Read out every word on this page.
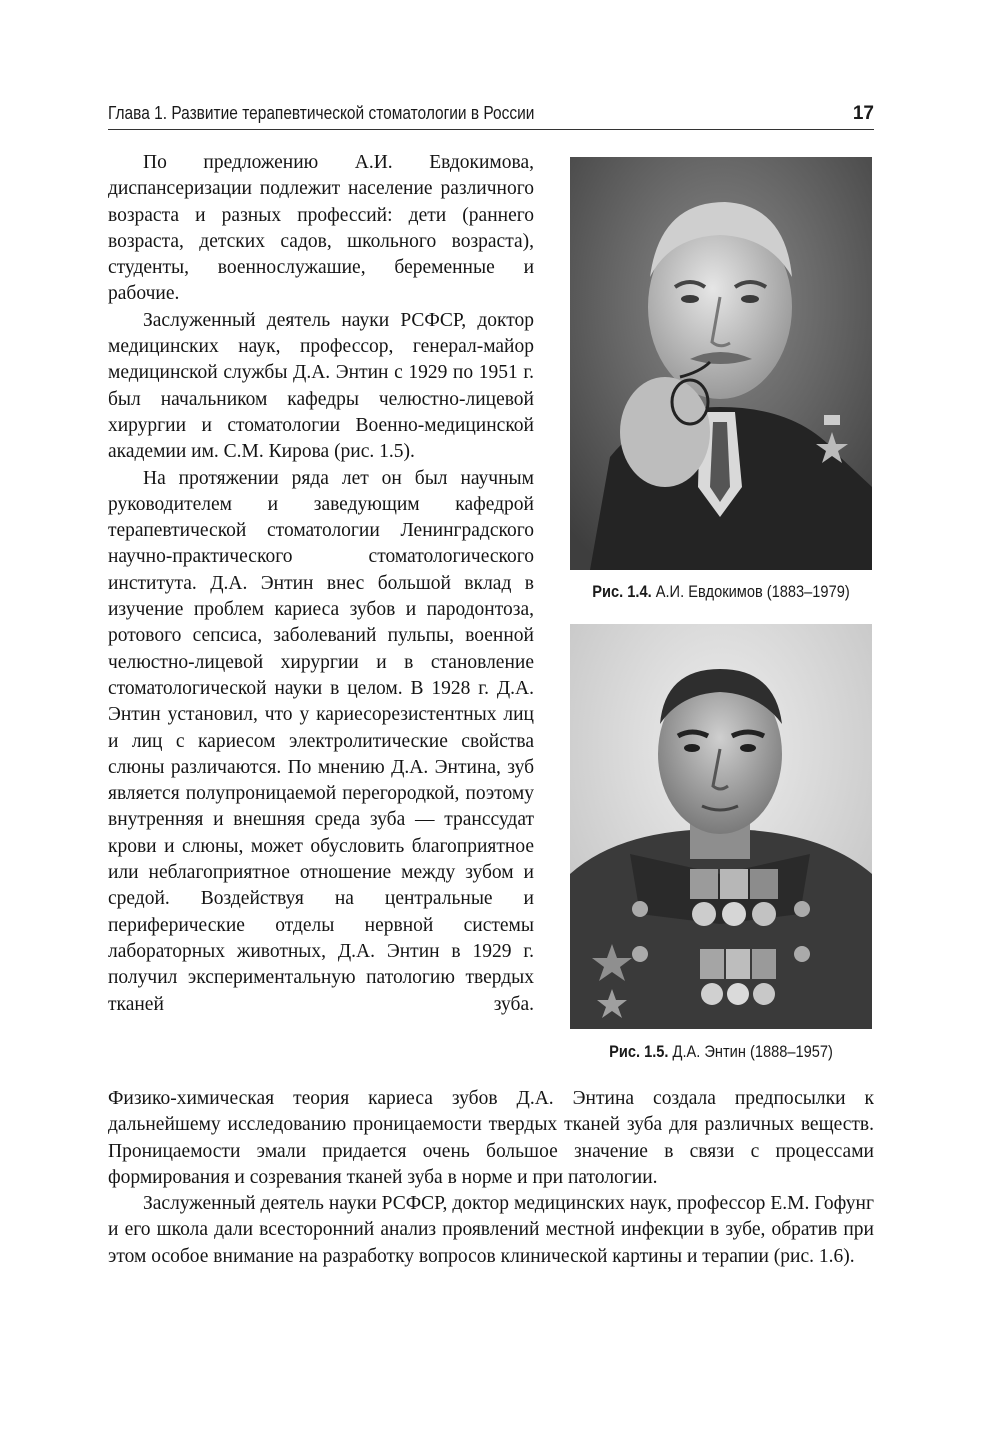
Глава 1. Развитие терапевтической стоматологии в России	17

По предложению А.И. Евдокимова, диспансеризации подлежит население различного возраста и разных профессий: дети (раннего возраста, детских садов, школьного возраста), студенты, военнослужашие, беременные и рабочие.

Заслуженный деятель науки РСФСР, доктор медицинских наук, профессор, генерал-майор медицинской службы Д.А. Энтин с 1929 по 1951 г. был начальником кафедры челюстно-лицевой хирургии и стоматологии Военно-медицинской академии им. С.М. Кирова (рис. 1.5).

На протяжении ряда лет он был научным руководителем и заведующим кафедрой терапевтической стоматологии Ленинградского научно-практического стоматологического института. Д.А. Энтин внес большой вклад в изучение проблем кариеса зубов и пародонтоза, ротового сепсиса, заболеваний пульпы, военной челюстно-лицевой хирургии и в становление стоматологической науки в целом. В 1928 г. Д.А. Энтин установил, что у кариесорезистентных лиц и лиц с кариесом электролитические свойства слюны различаются. По мнению Д.А. Энтина, зуб является полупроницаемой перегородкой, поэтому внутренняя и внешняя среда зуба — транссудат крови и слюны, может обусловить благоприятное или неблагоприятное отношение между зубом и средой. Воздействуя на центральные и периферические отделы нервной системы лабораторных животных, Д.А. Энтин в 1929 г. получил экспериментальную патологию твердых тканей зуба.

Физико-химическая теория кариеса зубов Д.А. Энтина создала предпосылки к дальнейшему исследованию проницаемости твердых тканей зуба для различных веществ. Проницаемости эмали придается очень большое значение в связи с процессами формирования и созревания тканей зуба в норме и при патологии.

Заслуженный деятель науки РСФСР, доктор медицинских наук, профессор Е.М. Гофунг и его школа дали всесторонний анализ проявлений местной инфекции в зубе, обратив при этом особое внимание на разработку вопросов клинической картины и терапии (рис. 1.6).

Рис. 1.4. А.И. Евдокимов (1883–1979)
Рис. 1.5. Д.А. Энтин (1888–1957)
